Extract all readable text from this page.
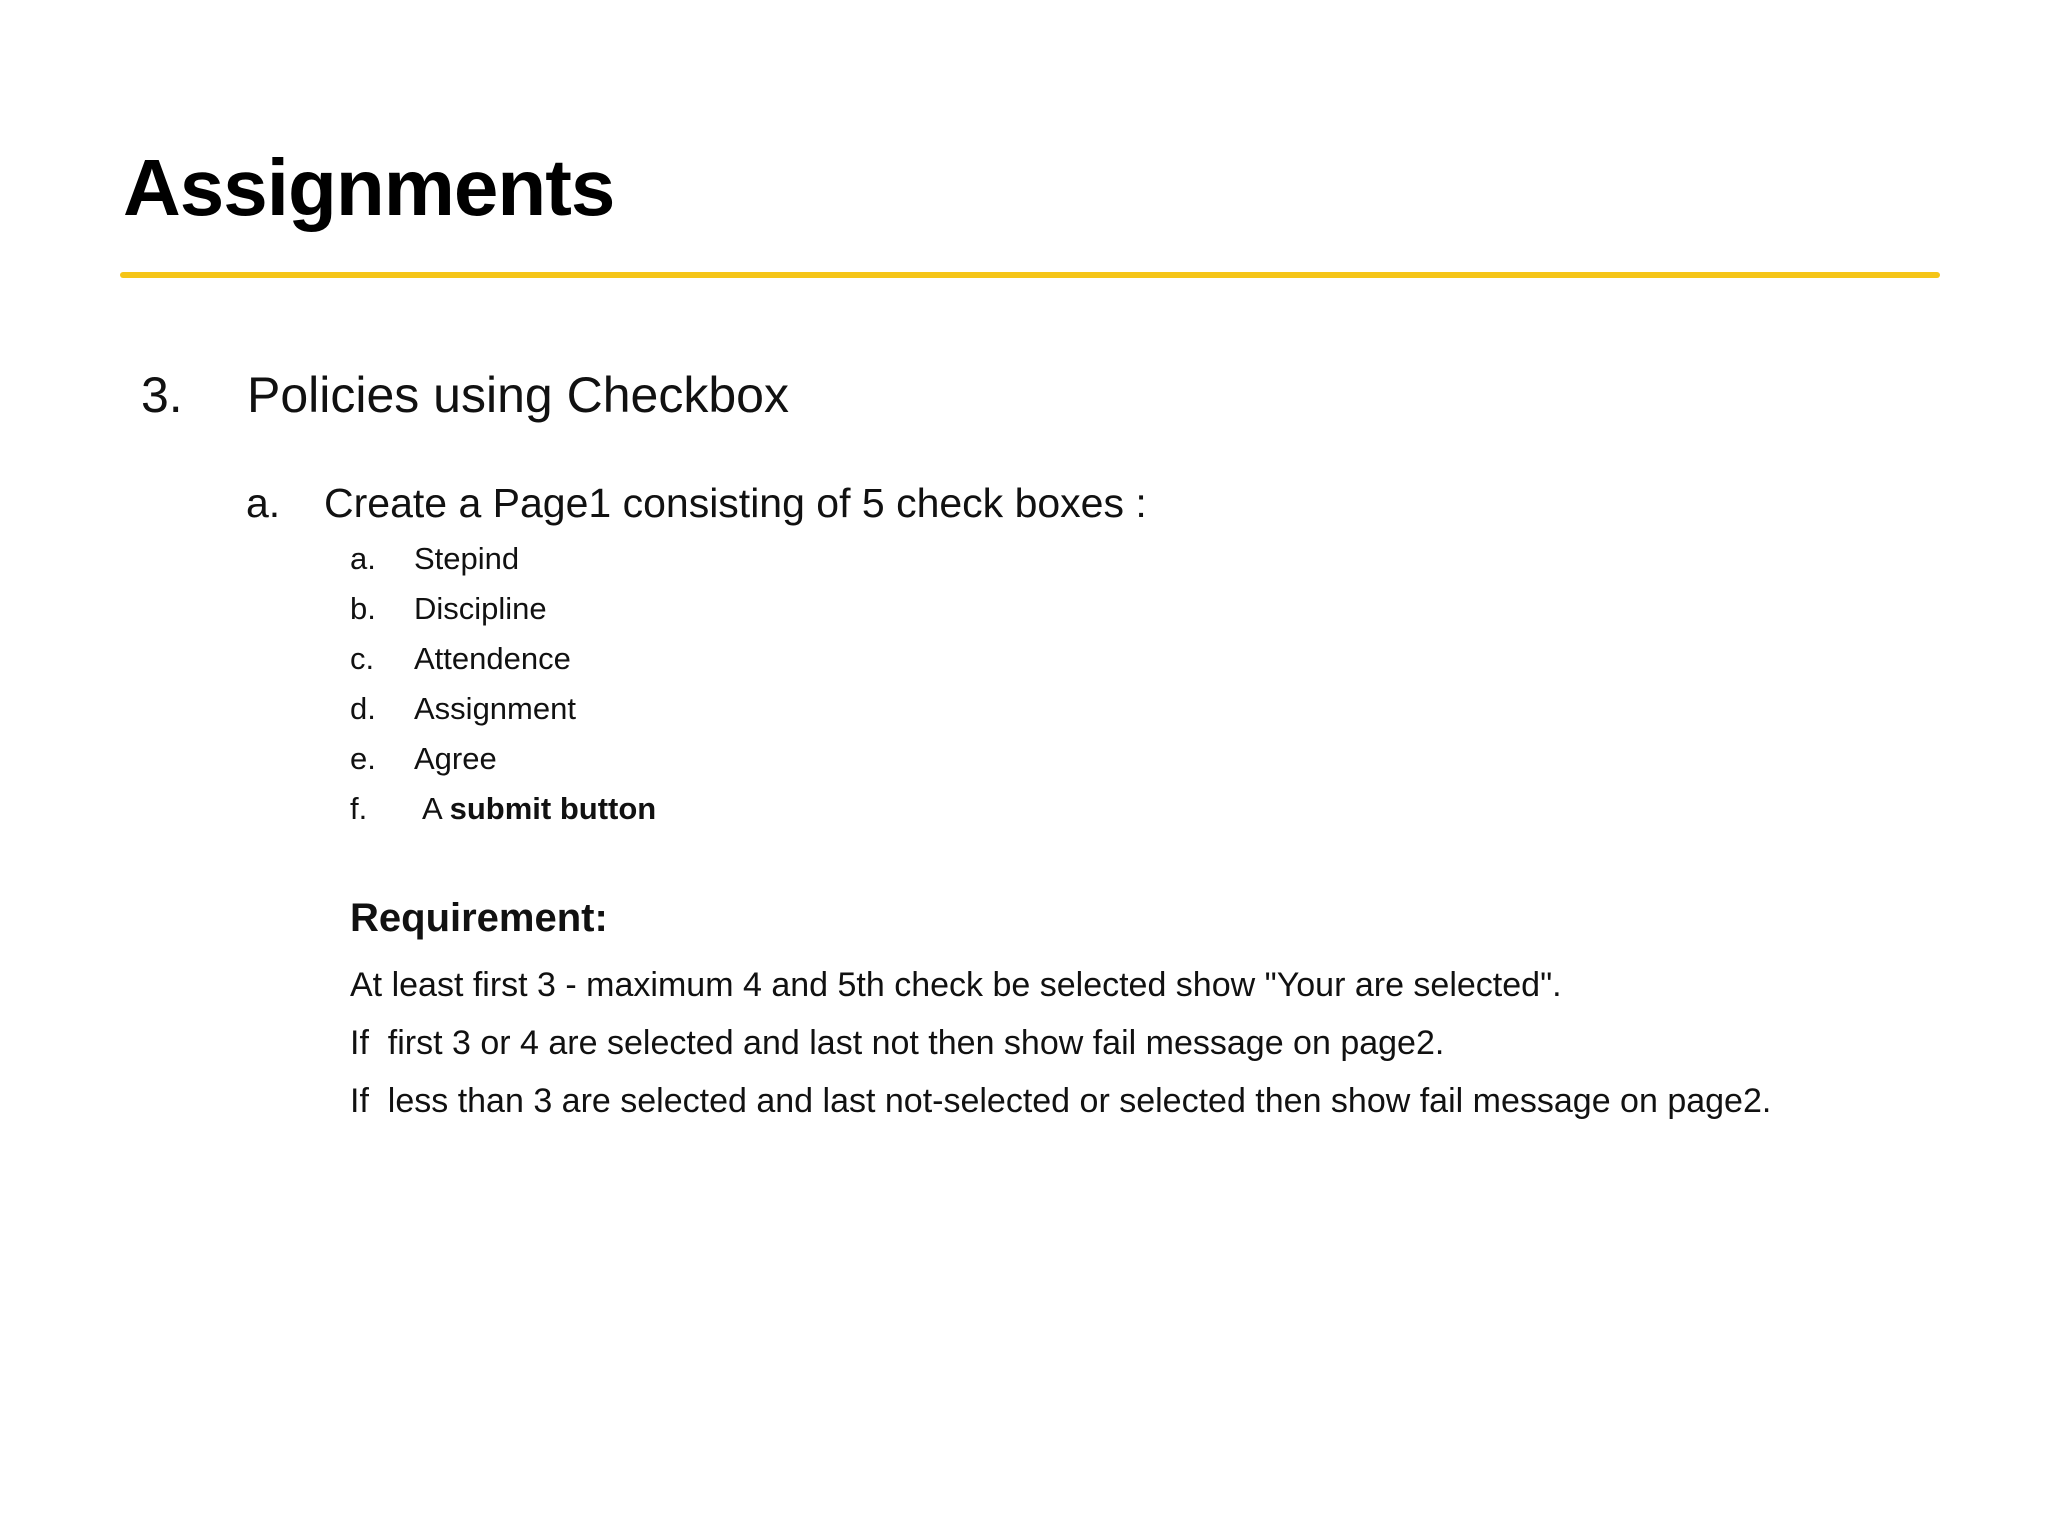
Assignments
3. Policies using Checkbox
a. Create a Page1 consisting of 5 check boxes :
a. Stepind
b. Discipline
c. Attendence
d. Assignment
e. Agree
f. A submit button
Requirement:
At least first 3 - maximum 4 and 5th check be selected show "Your are selected".
If  first 3 or 4 are selected and last not then show fail message on page2.
If  less than 3 are selected and last not-selected or selected then show fail message on page2.
